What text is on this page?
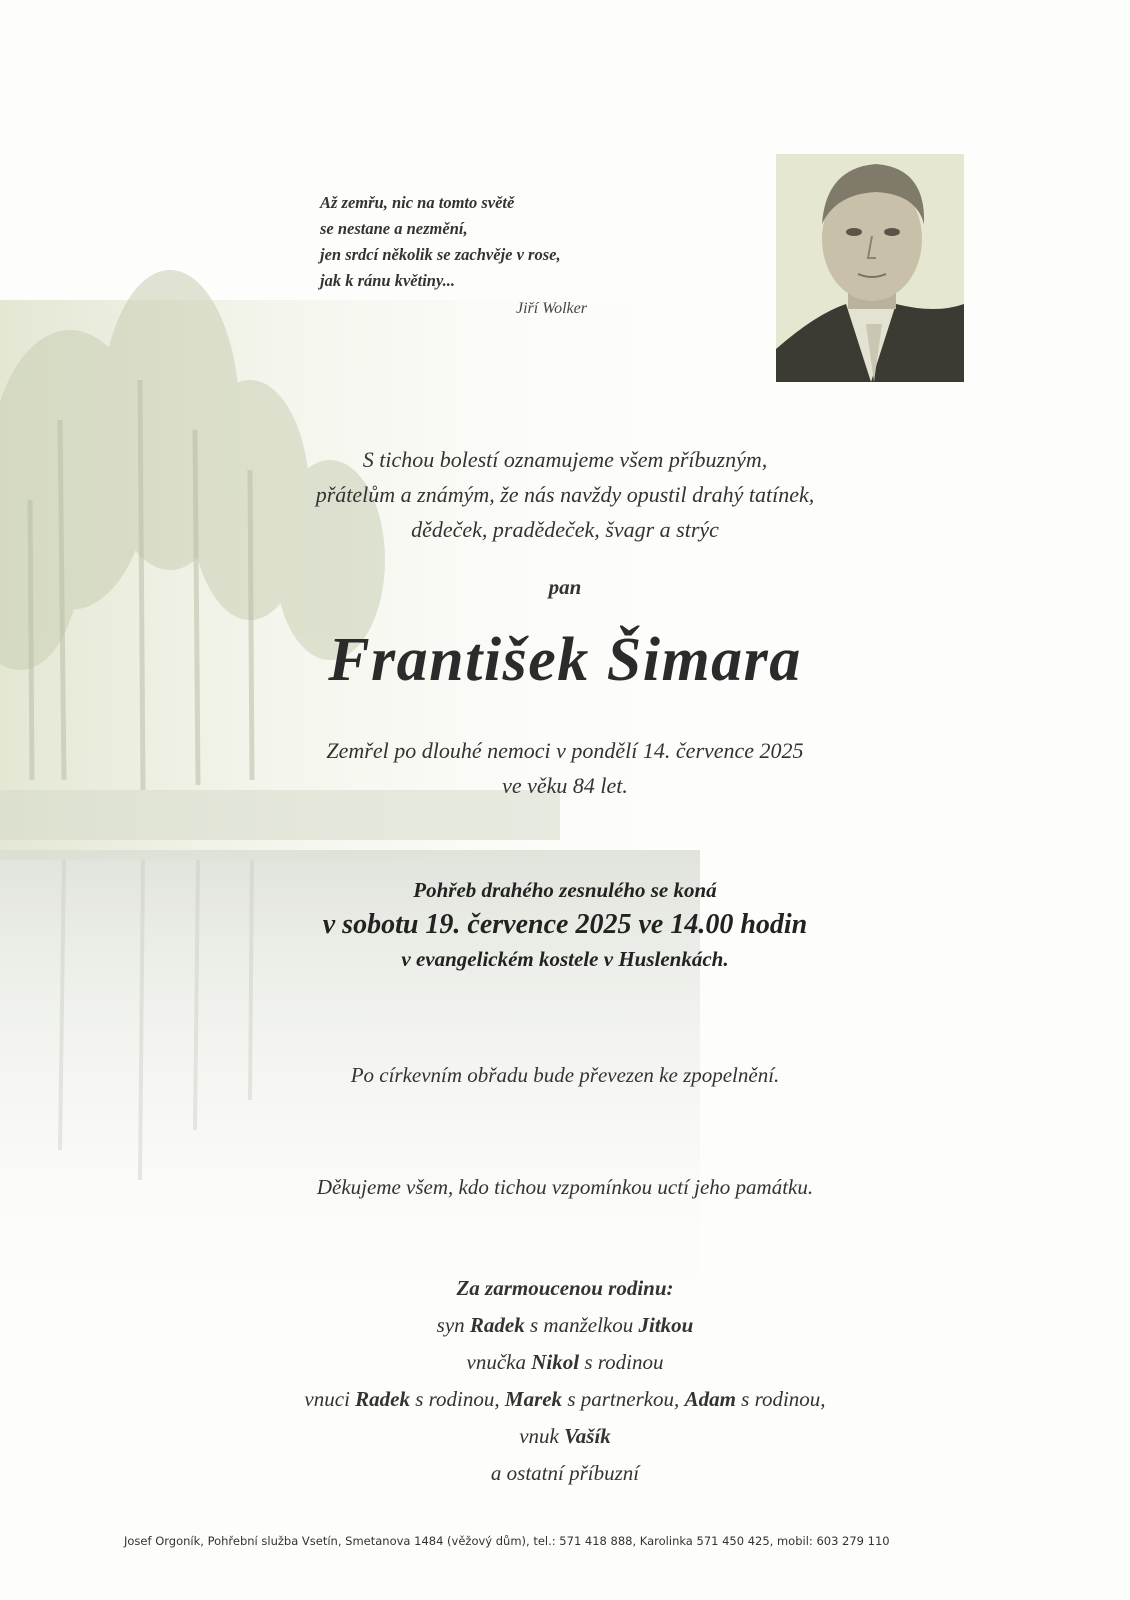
Až zemřu, nic na tomto světě
se nestane a nezmění,
jen srdcí několik se zachvěje v rose,
jak k ránu květiny...
Jiří Wolker
S tichou bolestí oznamujeme všem příbuzným,
přátelům a známým, že nás navždy opustil drahý tatínek,
dědeček, pradědeček, švagr a strýc
pan
František Šimara
Zemřel po dlouhé nemoci v pondělí 14. července 2025
ve věku 84 let.
Pohřeb drahého zesnulého se koná
v sobotu 19. července 2025 ve 14.00 hodin
v evangelickém kostele v Huslenkách.
Po církevním obřadu bude převezen ke zpopelnění.
Děkujeme všem, kdo tichou vzpomínkou uctí jeho památku.
Za zarmoucenou rodinu:
syn Radek s manželkou Jitkou
vnučka Nikol s rodinou
vnuci Radek s rodinou, Marek s partnerkou, Adam s rodinou,
vnuk Vašík
a ostatní příbuzní
Josef Orgoník, Pohřební služba Vsetín, Smetanova 1484 (věžový dům), tel.: 571 418 888, Karolinka 571 450 425, mobil: 603 279 110
